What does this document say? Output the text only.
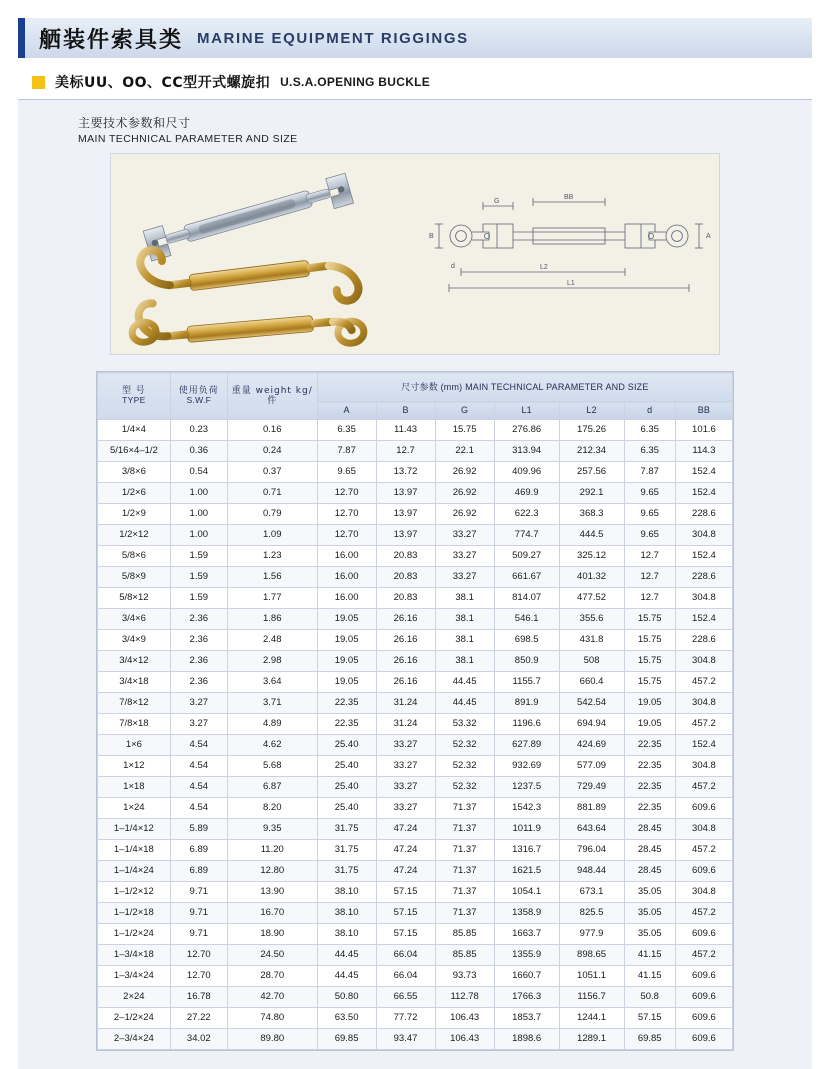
舾装件索具类 MARINE EQUIPMENT RIGGINGS
美标UU、OO、CC型开式螺旋扣 U.S.A.OPENING BUCKLE
主要技术参数和尺寸
MAIN TECHNICAL PARAMETER AND SIZE
G
BB
B	A
d	L2
L1
型 号
TYPE	使用负荷
S.W.F	重量 weight kg/件	尺寸参数 (mm) MAIN TECHNICAL PARAMETER AND SIZE						
			A	B	G	L1	L2	d	BB
1/4×4	0.23	0.16	6.35	11.43	15.75	276.86	175.26	6.35	101.6
5/16×4–1/2	0.36	0.24	7.87	12.7	22.1	313.94	212.34	6.35	114.3
3/8×6	0.54	0.37	9.65	13.72	26.92	409.96	257.56	7.87	152.4
1/2×6	1.00	0.71	12.70	13.97	26.92	469.9	292.1	9.65	152.4
1/2×9	1.00	0.79	12.70	13.97	26.92	622.3	368.3	9.65	228.6
1/2×12	1.00	1.09	12.70	13.97	33.27	774.7	444.5	9.65	304.8
5/8×6	1.59	1.23	16.00	20.83	33.27	509.27	325.12	12.7	152.4
5/8×9	1.59	1.56	16.00	20.83	33.27	661.67	401.32	12.7	228.6
5/8×12	1.59	1.77	16.00	20.83	38.1	814.07	477.52	12.7	304.8
3/4×6	2.36	1.86	19.05	26.16	38.1	546.1	355.6	15.75	152.4
3/4×9	2.36	2.48	19.05	26.16	38.1	698.5	431.8	15.75	228.6
3/4×12	2.36	2.98	19.05	26.16	38.1	850.9	508	15.75	304.8
3/4×18	2.36	3.64	19.05	26.16	44.45	1155.7	660.4	15.75	457.2
7/8×12	3.27	3.71	22.35	31.24	44.45	891.9	542.54	19.05	304.8
7/8×18	3.27	4.89	22.35	31.24	53.32	1196.6	694.94	19.05	457.2
1×6	4.54	4.62	25.40	33.27	52.32	627.89	424.69	22.35	152.4
1×12	4.54	5.68	25.40	33.27	52.32	932.69	577.09	22.35	304.8
1×18	4.54	6.87	25.40	33.27	52.32	1237.5	729.49	22.35	457.2
1×24	4.54	8.20	25.40	33.27	71.37	1542.3	881.89	22.35	609.6
1–1/4×12	5.89	9.35	31.75	47.24	71.37	1011.9	643.64	28.45	304.8
1–1/4×18	6.89	11.20	31.75	47.24	71.37	1316.7	796.04	28.45	457.2
1–1/4×24	6.89	12.80	31.75	47.24	71.37	1621.5	948.44	28.45	609.6
1–1/2×12	9.71	13.90	38.10	57.15	71.37	1054.1	673.1	35.05	304.8
1–1/2×18	9.71	16.70	38.10	57.15	71.37	1358.9	825.5	35.05	457.2
1–1/2×24	9.71	18.90	38.10	57.15	85.85	1663.7	977.9	35.05	609.6
1–3/4×18	12.70	24.50	44.45	66.04	85.85	1355.9	898.65	41.15	457.2
1–3/4×24	12.70	28.70	44.45	66.04	93.73	1660.7	1051.1	41.15	609.6
2×24	16.78	42.70	50.80	66.55	112.78	1766.3	1156.7	50.8	609.6
2–1/2×24	27.22	74.80	63.50	77.72	106.43	1853.7	1244.1	57.15	609.6
2–3/4×24	34.02	89.80	69.85	93.47	106.43	1898.6	1289.1	69.85	609.6
